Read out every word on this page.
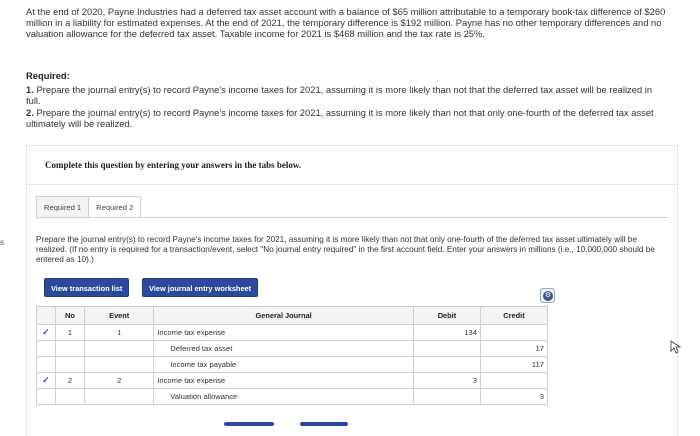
At the end of 2020, Payne Industries had a deferred tax asset account with a balance of $65 million attributable to a temporary book-tax difference of $260 million in a liability for estimated expenses. At the end of 2021, the temporary difference is $192 million. Payne has no other temporary differences and no valuation allowance for the deferred tax asset. Taxable income for 2021 is $468 million and the tax rate is 25%.
Required:
1. Prepare the journal entry(s) to record Payne's income taxes for 2021, assuming it is more likely than not that the deferred tax asset will be realized in full.
2. Prepare the journal entry(s) to record Payne's income taxes for 2021, assuming it is more likely than not that only one-fourth of the deferred tax asset ultimately will be realized.
Complete this question by entering your answers in the tabs below.
s
Required 1	Required 2
Prepare the journal entry(s) to record Payne's income taxes for 2021, assuming it is more likely than not that only one-fourth of the deferred tax asset ultimately will be realized. (If no entry is required for a transaction/event, select "No journal entry required" in the first account field. Enter your answers in millions (i.e., 10,000,000 should be entered as 10).)
View transaction list	View journal entry worksheet
⚙
	No	Event	General Journal	Debit	Credit
✓	1	1	Income tax expense	134	
			Deferred tax asset		17
			Income tax payable		117
✓	2	2	Income tax expense	3	
			Valuation allowance		3
